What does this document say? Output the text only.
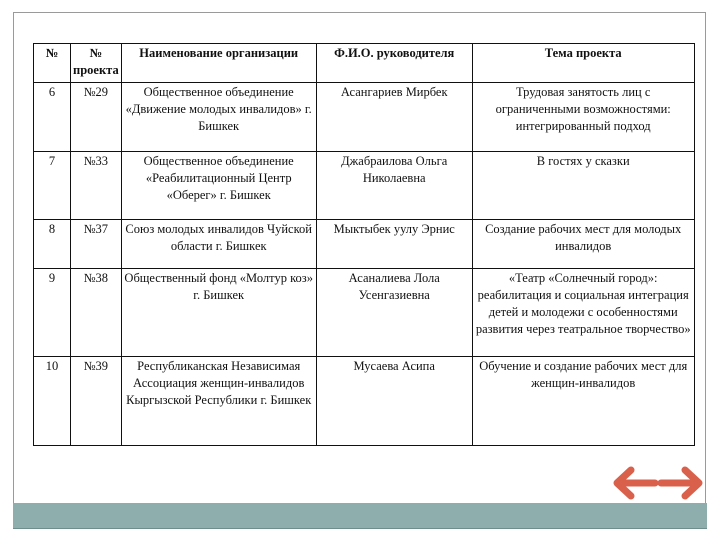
№	№ проекта	Наименование организации	Ф.И.О. руководителя	Тема проекта
6	№29	Общественное объединение «Движение молодых инвалидов» г. Бишкек	Асангариев Мирбек	Трудовая занятость лиц с ограниченными возможностями: интегрированный подход
7	№33	Общественное объединение «Реабилитационный Центр «Оберег» г. Бишкек	Джабраилова Ольга Николаевна	В гостях у сказки
8	№37	Союз молодых инвалидов Чуйской области г. Бишкек	Мыктыбек уулу Эрнис	Создание рабочих мест для молодых инвалидов
9	№38	Общественный фонд «Молтур коз» г. Бишкек	Асаналиева Лола Усенгазиевна	«Театр «Солнечный город»: реабилитация и социальная интеграция детей и молодежи с особенностями развития через театральное творчество»
10	№39	Республиканская Независимая Ассоциация женщин-инвалидов Кыргызской Республики г. Бишкек	Мусаева Асипа	Обучение и создание рабочих мест для женщин-инвалидов
